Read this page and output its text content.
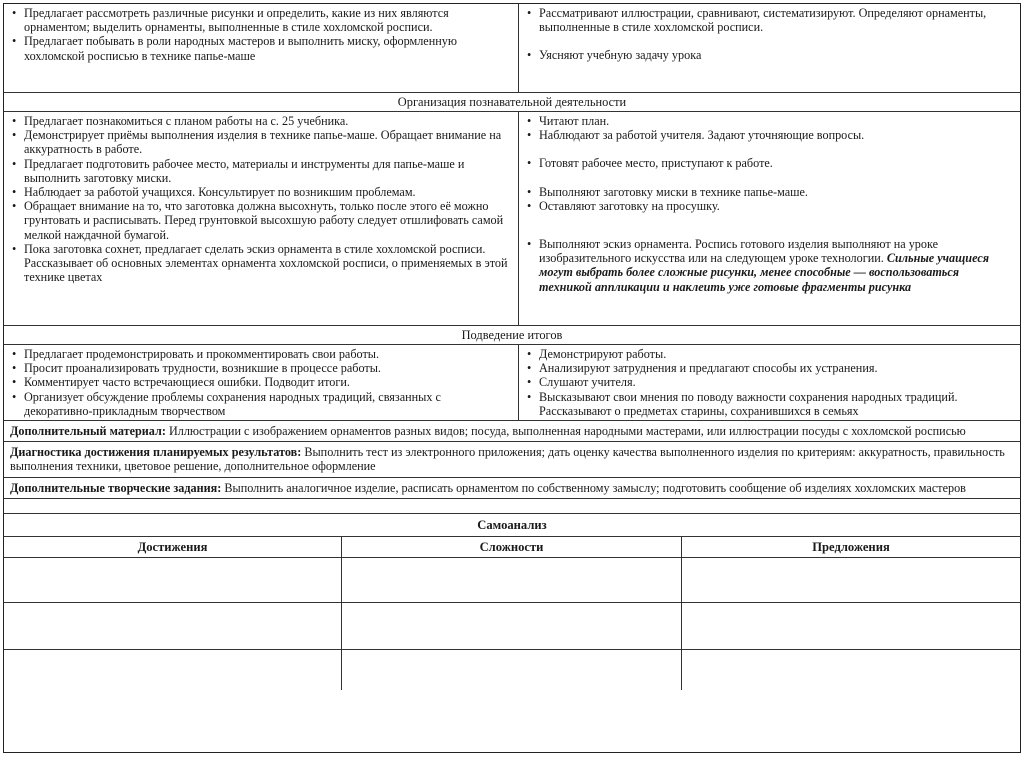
• Предлагает рассмотреть различные рисунки и определить, какие из них являются орнаментом; выделить орнаменты, выполненные в стиле хохломской росписи.

• Предлагает побывать в роли народных мастеров и выполнить миску, оформленную хохломской росписью в технике папье-маше

• Рассматривают иллюстрации, сравнивают, систематизируют. Определяют орнаменты, выполненные в стиле хохломской росписи.

• Уясняют учебную задачу урока

Организация познавательной деятельности

• Предлагает познакомиться с планом работы на с. 25 учебника.

• Демонстрирует приёмы выполнения изделия в технике папье-маше. Обращает внимание на аккуратность в работе.

• Предлагает подготовить рабочее место, материалы и инструменты для папье-маше и выполнить заготовку миски.

• Наблюдает за работой учащихся. Консультирует по возникшим проблемам.

• Обращает внимание на то, что заготовка должна высохнуть, только после этого её можно грунтовать и расписывать. Перед грунтовкой высохшую работу следует отшлифовать самой мелкой наждачной бумагой.

• Пока заготовка сохнет, предлагает сделать эскиз орнамента в стиле хохломской росписи. Рассказывает об основных элементах орнамента хохломской росписи, о применяемых в этой технике цветах

• Читают план.

• Наблюдают за работой учителя. Задают уточняющие вопросы.

• Готовят рабочее место, приступают к работе.

• Выполняют заготовку миски в технике папье-маше.

• Оставляют заготовку на просушку.

• Выполняют эскиз орнамента. Роспись готового изделия выполняют на уроке изобразительного искусства или на следующем уроке технологии. Сильные учащиеся могут выбрать более сложные рисунки, менее способные — воспользоваться техникой аппликации и наклеить уже готовые фрагменты рисунка

Подведение итогов

• Предлагает продемонстрировать и прокомментировать свои работы.

• Просит проанализировать трудности, возникшие в процессе работы.

• Комментирует часто встречающиеся ошибки. Подводит итоги.

• Организует обсуждение проблемы сохранения народных традиций, связанных с декоративно-прикладным творчеством

• Демонстрируют работы.

• Анализируют затруднения и предлагают способы их устранения.

• Слушают учителя.

• Высказывают свои мнения по поводу важности сохранения народных традиций. Рассказывают о предметах старины, сохранившихся в семьях

Дополнительный материал: Иллюстрации с изображением орнаментов разных видов; посуда, выполненная народными мастерами, или иллюстрации посуды с хохломской росписью
Диагностика достижения планируемых результатов: Выполнить тест из электронного приложения; дать оценку качества выполненного изделия по критериям: аккуратность, правильность выполнения техники, цветовое решение, дополнительное оформление
Дополнительные творческие задания: Выполнить аналогичное изделие, расписать орнаментом по собственному замыслу; подготовить сообщение об изделиях хохломских мастеров
Самоанализ
Достижения	Сложности	Предложения
